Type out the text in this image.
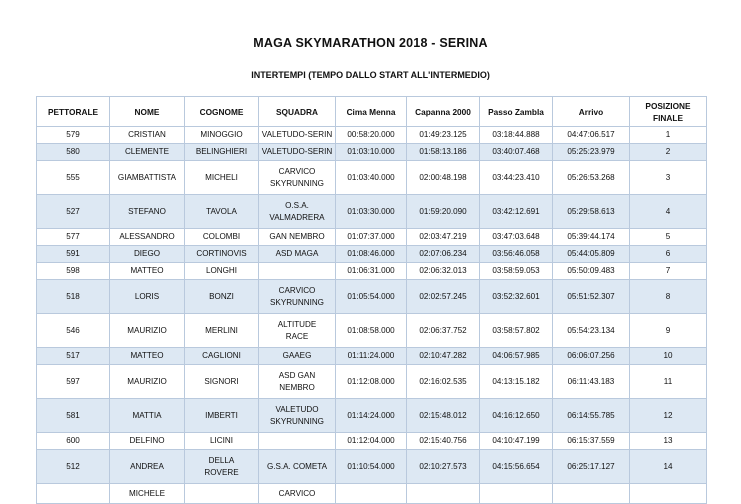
MAGA SKYMARATHON 2018 - SERINA
INTERTEMPI (TEMPO DALLO START ALL'INTERMEDIO)
PETTORALE	NOME	COGNOME	SQUADRA	Cima Menna	Capanna 2000	Passo Zambla	Arrivo	POSIZIONE FINALE
579	CRISTIAN	MINOGGIO	VALETUDO-SERIN	00:58:20.000	01:49:23.125	03:18:44.888	04:47:06.517	1
580	CLEMENTE	BELINGHIERI	VALETUDO-SERIN	01:03:10.000	01:58:13.186	03:40:07.468	05:25:23.979	2
555	GIAMBATTISTA	MICHELI	CARVICO
SKYRUNNING	01:03:40.000	02:00:48.198	03:44:23.410	05:26:53.268	3
527	STEFANO	TAVOLA	O.S.A.
VALMADRERA	01:03:30.000	01:59:20.090	03:42:12.691	05:29:58.613	4
577	ALESSANDRO	COLOMBI	GAN NEMBRO	01:07:37.000	02:03:47.219	03:47:03.648	05:39:44.174	5
591	DIEGO	CORTINOVIS	ASD MAGA	01:08:46.000	02:07:06.234	03:56:46.058	05:44:05.809	6
598	MATTEO	LONGHI		01:06:31.000	02:06:32.013	03:58:59.053	05:50:09.483	7
518	LORIS	BONZI	CARVICO
SKYRUNNING	01:05:54.000	02:02:57.245	03:52:32.601	05:51:52.307	8
546	MAURIZIO	MERLINI	ALTITUDE
RACE	01:08:58.000	02:06:37.752	03:58:57.802	05:54:23.134	9
517	MATTEO	CAGLIONI	GAAEG	01:11:24.000	02:10:47.282	04:06:57.985	06:06:07.256	10
597	MAURIZIO	SIGNORI	ASD GAN
NEMBRO	01:12:08.000	02:16:02.535	04:13:15.182	06:11:43.183	11
581	MATTIA	IMBERTI	VALETUDO
SKYRUNNING	01:14:24.000	02:15:48.012	04:16:12.650	06:14:55.785	12
600	DELFINO	LICINI		01:12:04.000	02:15:40.756	04:10:47.199	06:15:37.559	13
512	ANDREA	DELLA
ROVERE	G.S.A. COMETA	01:10:54.000	02:10:27.573	04:15:56.654	06:25:17.127	14
	MICHELE		CARVICO					
